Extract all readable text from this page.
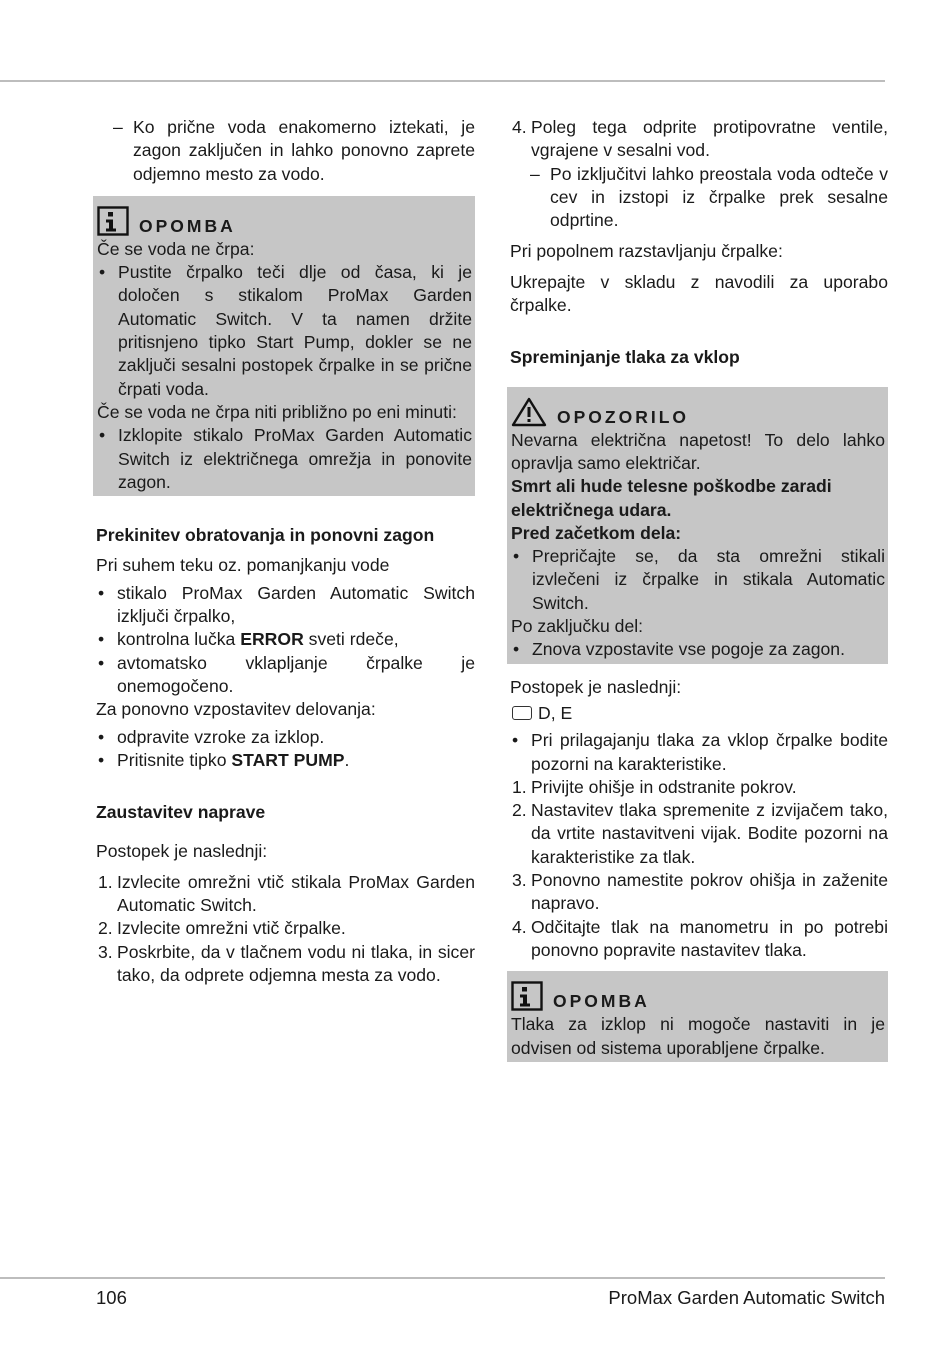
– Ko prične voda enakomerno iztekati, je zagon zaključen in lahko ponovno zaprete odjemno mesto za vodo.

OPOMBA

Če se voda ne črpa:

• Pustite črpalko teči dlje od časa, ki je določen s stikalom ProMax Garden Automatic Switch. V ta namen držite pritisnjeno tipko Start Pump, dokler se ne zaključi sesalni postopek črpalke in se prične črpati voda.

Če se voda ne črpa niti približno po eni minuti:

• Izklopite stikalo ProMax Garden Automatic Switch iz električnega omrežja in ponovite zagon.

Prekinitev obratovanja in ponovni zagon

Pri suhem teku oz. pomanjkanju vode

• stikalo ProMax Garden Automatic Switch izključi črpalko,

• kontrolna lučka ERROR sveti rdeče,

• avtomatsko vklapljanje črpalke je onemogočeno.

Za ponovno vzpostavitev delovanja:

• odpravite vzroke za izklop.

• Pritisnite tipko START PUMP.

Zaustavitev naprave

Postopek je naslednji:

1. Izvlecite omrežni vtič stikala ProMax Garden Automatic Switch.

2. Izvlecite omrežni vtič črpalke.

3. Poskrbite, da v tlačnem vodu ni tlaka, in sicer tako, da odprete odjemna mesta za vodo.

4. Poleg tega odprite protipovratne ventile, vgrajene v sesalni vod.

– Po izključitvi lahko preostala voda odteče v cev in izstopi iz črpalke prek sesalne odprtine.

Pri popolnem razstavljanju črpalke:

Ukrepajte v skladu z navodili za uporabo črpalke.

Spreminjanje tlaka za vklop

OPOZORILO

Nevarna električna napetost! To delo lahko opravlja samo električar.

Smrt ali hude telesne poškodbe zaradi električnega udara.

Pred začetkom dela:

• Prepričajte se, da sta omrežni stikali izvlečeni iz črpalke in stikala Automatic Switch.

Po zaključku del:

• Znova vzpostavite vse pogoje za zagon.

Postopek je naslednji:

D, E

• Pri prilagajanju tlaka za vklop črpalke bodite pozorni na karakteristike.

1. Privijte ohišje in odstranite pokrov.

2. Nastavitev tlaka spremenite z izvijačem tako, da vrtite nastavitveni vijak. Bodite pozorni na karakteristike za tlak.

3. Ponovno namestite pokrov ohišja in zaženite napravo.

4. Odčitajte tlak na manometru in po potrebi ponovno popravite nastavitev tlaka.

OPOMBA

Tlaka za izklop ni mogoče nastaviti in je odvisen od sistema uporabljene črpalke.

106	ProMax Garden Automatic Switch
